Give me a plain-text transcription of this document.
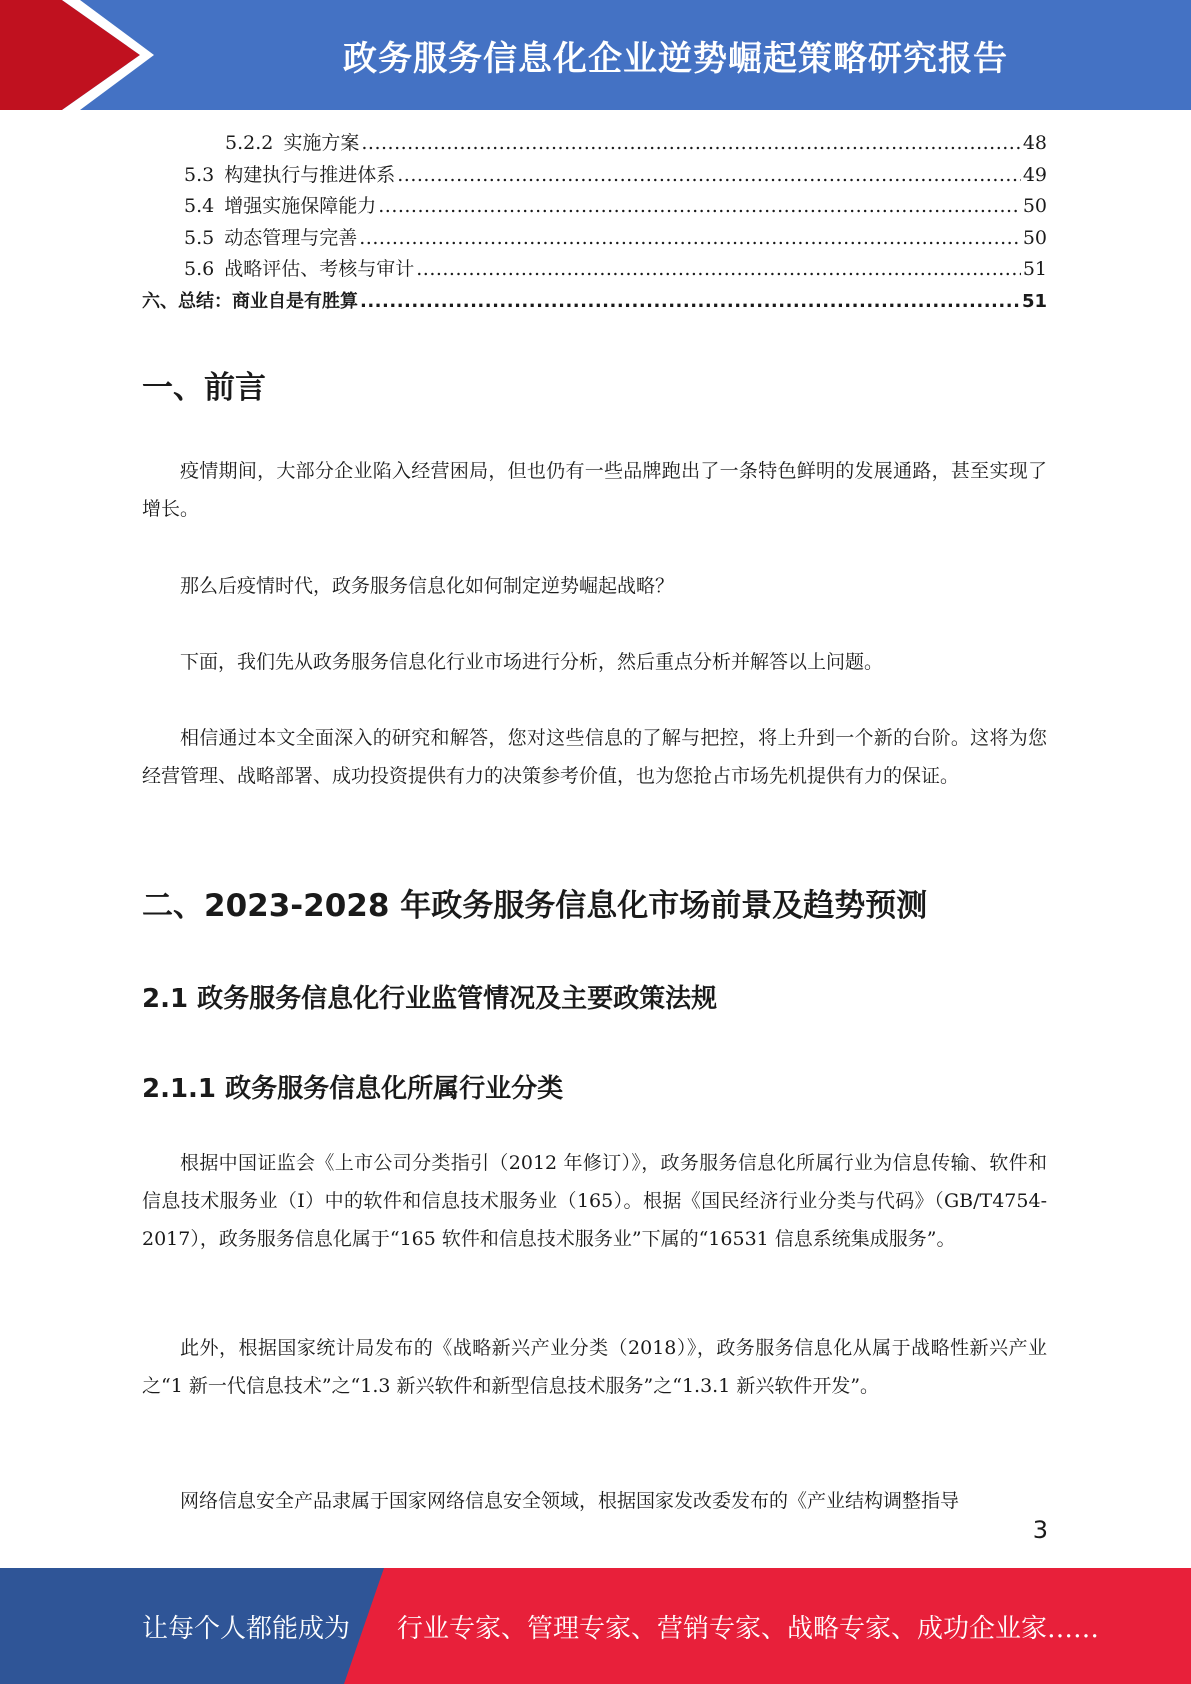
政务服务信息化企业逆势崛起策略研究报告
5.2.2 实施方案 .....	48
5.3 构建执行与推进体系 .....	49
5.4 增强实施保障能力 .....	50
5.5 动态管理与完善 .....	50
5.6 战略评估、考核与审计 .....	51
六、总结：商业自是有胜算 .....	51
一、前言

疫情期间，大部分企业陷入经营困局，但也仍有一些品牌跑出了一条特色鲜明的发展通路，甚至实现了增长。

那么后疫情时代，政务服务信息化如何制定逆势崛起战略？

下面，我们先从政务服务信息化行业市场进行分析，然后重点分析并解答以上问题。

相信通过本文全面深入的研究和解答，您对这些信息的了解与把控，将上升到一个新的台阶。这将为您经营管理、战略部署、成功投资提供有力的决策参考价值，也为您抢占市场先机提供有力的保证。

二、2023-2028 年政务服务信息化市场前景及趋势预测
2.1 政务服务信息化行业监管情况及主要政策法规
2.1.1 政务服务信息化所属行业分类

根据中国证监会《上市公司分类指引（2012 年修订）》，政务服务信息化所属行业为信息传输、软件和信息技术服务业（I）中的软件和信息技术服务业（165）。根据《国民经济行业分类与代码》（GB/T4754-2017），政务服务信息化属于“165 软件和信息技术服务业”下属的“16531 信息系统集成服务”。

此外，根据国家统计局发布的《战略新兴产业分类（2018）》，政务服务信息化从属于战略性新兴产业之“1 新一代信息技术”之“1.3 新兴软件和新型信息技术服务”之“1.3.1 新兴软件开发”。

网络信息安全产品隶属于国家网络信息安全领域，根据国家发改委发布的《产业结构调整指导

3
让每个人都能成为 行业专家、管理专家、营销专家、战略专家、成功企业家……
